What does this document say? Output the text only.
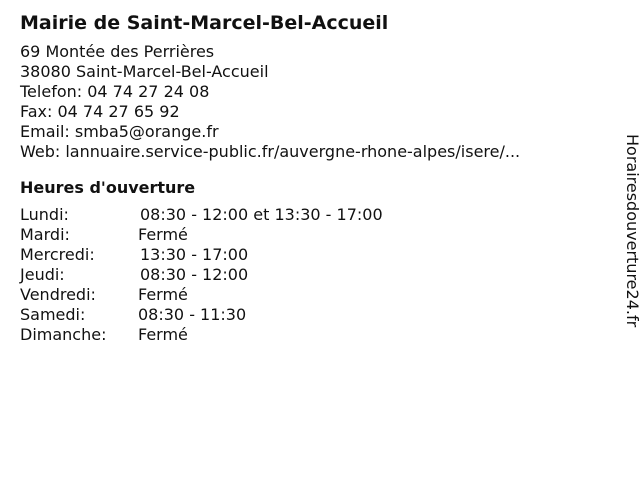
Mairie de Saint-Marcel-Bel-Accueil
69 Montée des Perrières
38080 Saint-Marcel-Bel-Accueil
Telefon: 04 74 27 24 08
Fax: 04 74 27 65 92
Email: smba5@orange.fr
Web: lannuaire.service-public.fr/auvergne-rhone-alpes/isere/...
Heures d'ouverture
Lundi:	08:30 - 12:00 et 13:30 - 17:00
Mardi:	Fermé
Mercredi:	13:30 - 17:00
Jeudi:	08:30 - 12:00
Vendredi:	Fermé
Samedi:	08:30 - 11:30
Dimanche: Fermé
Horairesdouverture24.fr
